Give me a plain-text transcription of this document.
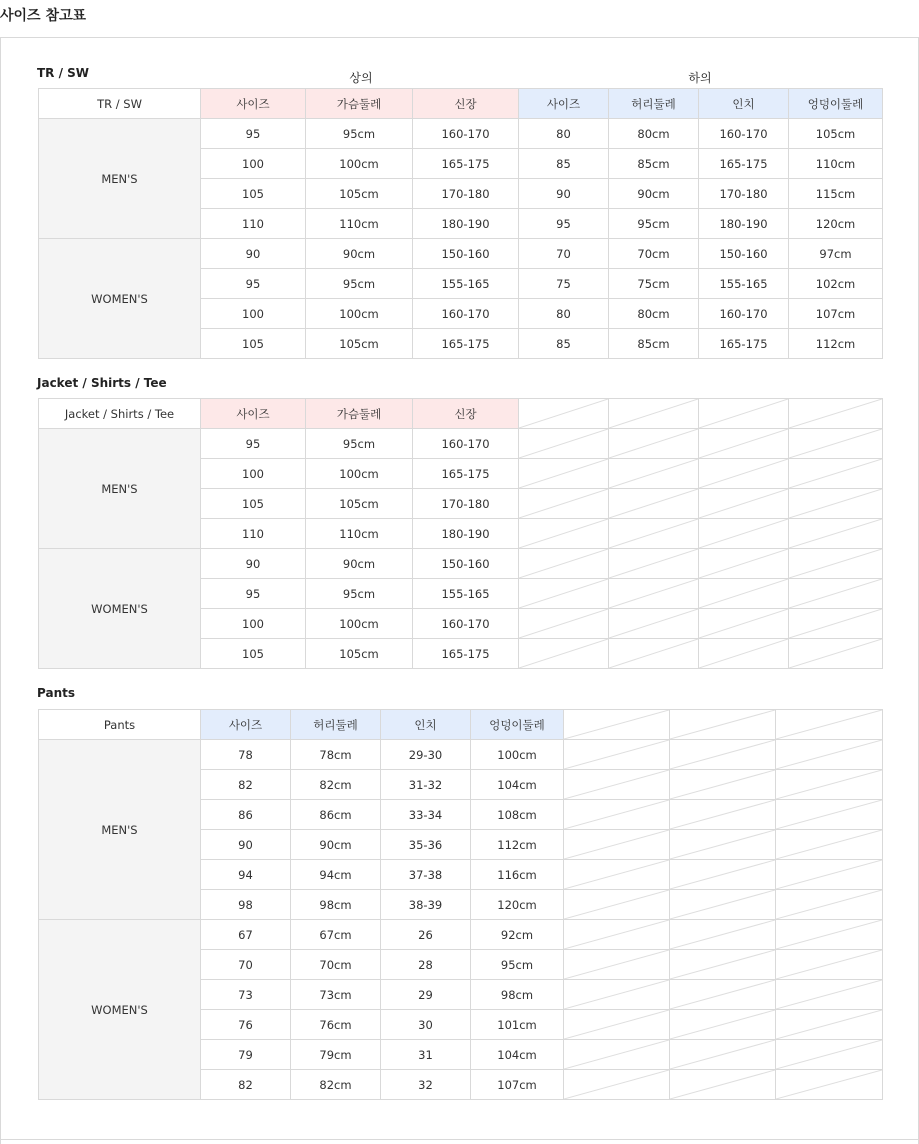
사이즈 참고표
TR / SW	상의	하의
TR / SW	사이즈	가슴둘레	신장	사이즈	허리둘레	인치	엉덩이둘레
MEN'S	95	95cm	160-170	80	80cm	160-170	105cm
	100	100cm	165-175	85	85cm	165-175	110cm
	105	105cm	170-180	90	90cm	170-180	115cm
	110	110cm	180-190	95	95cm	180-190	120cm
WOMEN'S	90	90cm	150-160	70	70cm	150-160	97cm
	95	95cm	155-165	75	75cm	155-165	102cm
	100	100cm	160-170	80	80cm	160-170	107cm
	105	105cm	165-175	85	85cm	165-175	112cm
Jacket / Shirts / Tee
Jacket / Shirts / Tee	사이즈	가슴둘레	신장	

MEN'S	95	95cm	160-170	

	100	100cm	165-175	

	105	105cm	170-180	

	110	110cm	180-190	

WOMEN'S	90	90cm	150-160	

	95	95cm	155-165	

	100	100cm	160-170	

	105	105cm	165-175	

Pants
Pants	사이즈	허리둘레	인치	엉덩이둘레	

MEN'S	78	78cm	29-30	100cm	

	82	82cm	31-32	104cm	

	86	86cm	33-34	108cm	

	90	90cm	35-36	112cm	

	94	94cm	37-38	116cm	

	98	98cm	38-39	120cm	

WOMEN'S	67	67cm	26	92cm	

	70	70cm	28	95cm	

	73	73cm	29	98cm	

	76	76cm	30	101cm	

	79	79cm	31	104cm	

	82	82cm	32	107cm	
